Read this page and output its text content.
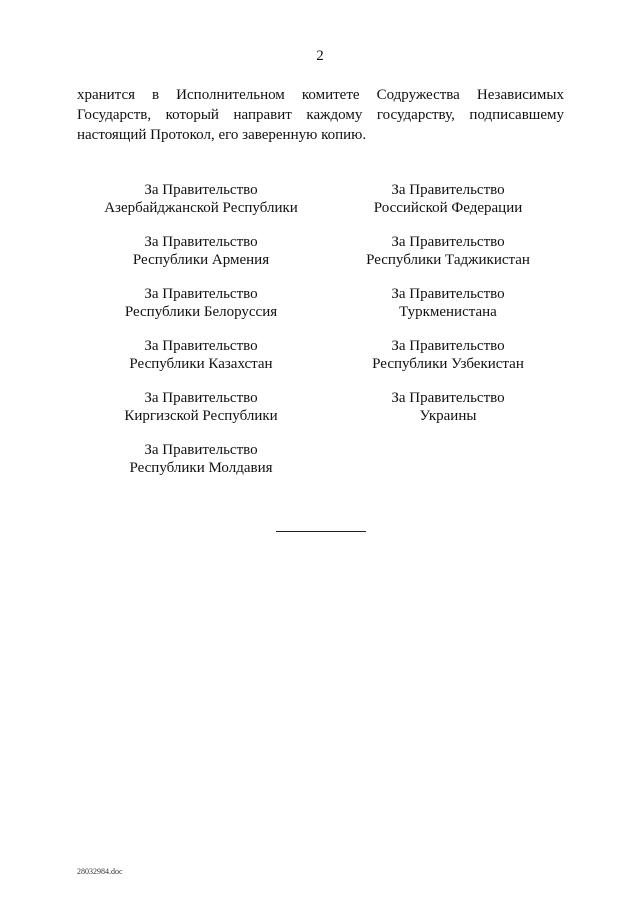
2
хранится в Исполнительном комитете Содружества Независимых
Государств, который направит каждому государству, подписавшему
настоящий Протокол, его заверенную копию.
За Правительство
Азербайджанской Республики
За Правительство
Республики Армения
За Правительство
Республики Белоруссия
За Правительство
Республики Казахстан
За Правительство
Киргизской Республики
За Правительство
Республики Молдавия
За Правительство
Российской Федерации
За Правительство
Республики Таджикистан
За Правительство
Туркменистана
За Правительство
Республики Узбекистан
За Правительство
Украины
28032984.doc
